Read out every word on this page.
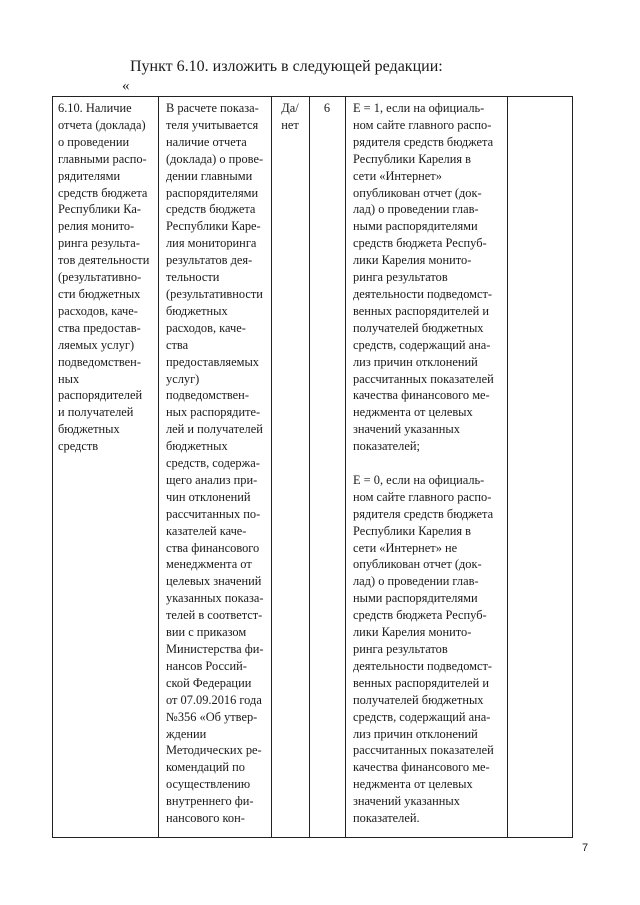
Пункт 6.10. изложить в следующей редакции:
«
6.10. Наличие
отчета (доклада)
о проведении
главными распо-
рядителями
средств бюджета
Республики Ка-
релия монито-
ринга результа-
тов деятельности
(результативно-
сти бюджетных
расходов, каче-
ства предостав-
ляемых услуг)
подведомствен-
ных
распорядителей
и получателей
бюджетных
средств
В расчете показа-
теля учитывается
наличие отчета
(доклада) о прове-
дении главными
распорядителями
средств бюджета
Республики Каре-
лия мониторинга
результатов дея-
тельности
(результативности
бюджетных
расходов, каче-
ства
предоставляемых
услуг)
подведомствен-
ных распорядите-
лей и получателей
бюджетных
средств, содержа-
щего анализ при-
чин отклонений
рассчитанных по-
казателей каче-
ства финансового
менеджмента от
целевых значений
указанных показа-
телей в соответст-
вии с приказом
Министерства фи-
нансов Россий-
ской Федерации
от 07.09.2016 года
№356 «Об утвер-
ждении
Методических ре-
комендаций по
осуществлению
внутреннего фи-
нансового кон-
Да/
нет
6	E = 1, если на официаль-
ном сайте главного распо-
рядителя средств бюджета
Республики Карелия в
сети «Интернет»
опубликован отчет (док-
лад) о проведении глав-
ными распорядителями
средств бюджета Респуб-
лики Карелия монито-
ринга результатов
деятельности подведомст-
венных распорядителей и
получателей бюджетных
средств, содержащий ана-
лиз причин отклонений
рассчитанных показателей
качества финансового ме-
неджмента от целевых
значений указанных
показателей;
E = 0, если на официаль-
ном сайте главного распо-
рядителя средств бюджета
Республики Карелия в
сети «Интернет» не
опубликован отчет (док-
лад) о проведении глав-
ными распорядителями
средств бюджета Респуб-
лики Карелия монито-
ринга результатов
деятельности подведомст-
венных распорядителей и
получателей бюджетных
средств, содержащий ана-
лиз причин отклонений
рассчитанных показателей
качества финансового ме-
неджмента от целевых
значений указанных
показателей.
7
